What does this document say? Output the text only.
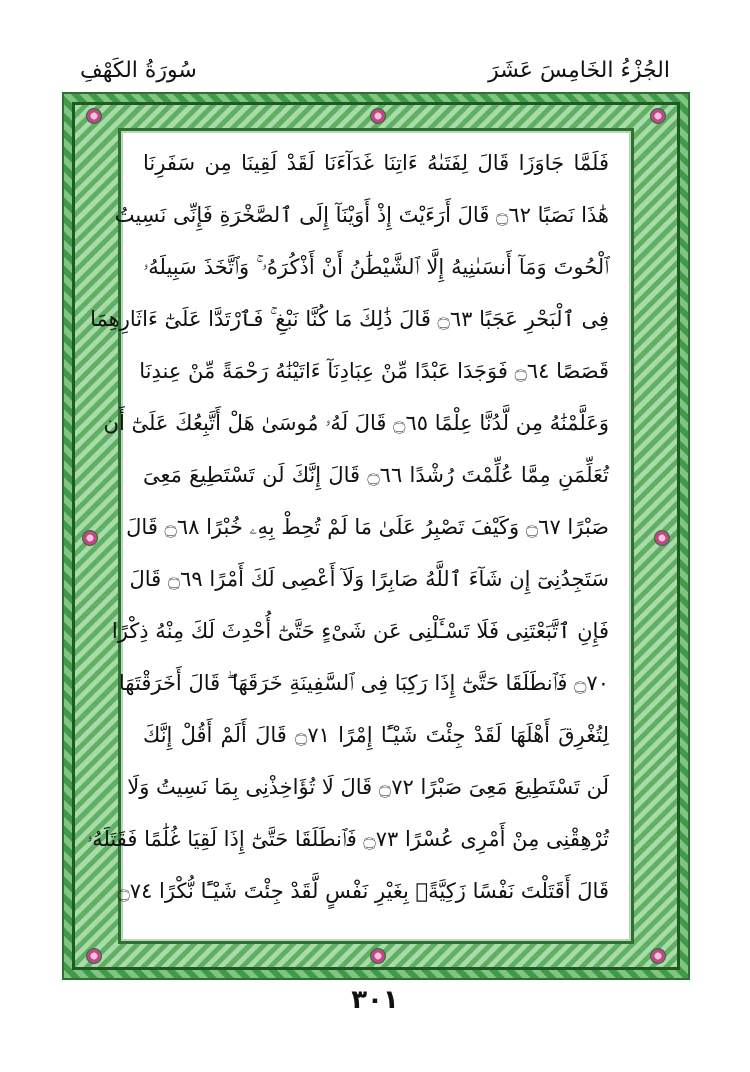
الجُزْءُ الخَامِسَ عَشَرَ
سُورَةُ الكَهْفِ
فَلَمَّا جَاوَزَا قَالَ لِفَتَىٰهُ ءَاتِنَا غَدَآءَنَا لَقَدْ لَقِينَا مِن سَفَرِنَا
هَٰذَا نَصَبًا ۝٦٢ قَالَ أَرَءَيْتَ إِذْ أَوَيْنَآ إِلَى ٱلصَّخْرَةِ فَإِنِّى نَسِيتُ
ٱلْحُوتَ وَمَآ أَنسَىٰنِيهُ إِلَّا ٱلشَّيْطَٰنُ أَنْ أَذْكُرَهُۥ ۚ وَٱتَّخَذَ سَبِيلَهُۥ
فِى ٱلْبَحْرِ عَجَبًا ۝٦٣ قَالَ ذَٰلِكَ مَا كُنَّا نَبْغِ ۚ فَٱرْتَدَّا عَلَىٰٓ ءَاثَارِهِمَا
قَصَصًا ۝٦٤ فَوَجَدَا عَبْدًا مِّنْ عِبَادِنَآ ءَاتَيْنَٰهُ رَحْمَةً مِّنْ عِندِنَا
وَعَلَّمْنَٰهُ مِن لَّدُنَّا عِلْمًا ۝٦٥ قَالَ لَهُۥ مُوسَىٰ هَلْ أَتَّبِعُكَ عَلَىٰٓ أَن
تُعَلِّمَنِ مِمَّا عُلِّمْتَ رُشْدًا ۝٦٦ قَالَ إِنَّكَ لَن تَسْتَطِيعَ مَعِىَ
صَبْرًا ۝٦٧ وَكَيْفَ تَصْبِرُ عَلَىٰ مَا لَمْ تُحِطْ بِهِۦ خُبْرًا ۝٦٨ قَالَ
سَتَجِدُنِىٓ إِن شَآءَ ٱللَّهُ صَابِرًا وَلَآ أَعْصِى لَكَ أَمْرًا ۝٦٩ قَالَ
فَإِنِ ٱتَّبَعْتَنِى فَلَا تَسْـَٔلْنِى عَن شَىْءٍ حَتَّىٰٓ أُحْدِثَ لَكَ مِنْهُ ذِكْرًا
۝٧٠ فَٱنطَلَقَا حَتَّىٰٓ إِذَا رَكِبَا فِى ٱلسَّفِينَةِ خَرَقَهَا ۖ قَالَ أَخَرَقْتَهَا
لِتُغْرِقَ أَهْلَهَا لَقَدْ جِئْتَ شَيْـًٔا إِمْرًا ۝٧١ قَالَ أَلَمْ أَقُلْ إِنَّكَ
لَن تَسْتَطِيعَ مَعِىَ صَبْرًا ۝٧٢ قَالَ لَا تُؤَاخِذْنِى بِمَا نَسِيتُ وَلَا
تُرْهِقْنِى مِنْ أَمْرِى عُسْرًا ۝٧٣ فَٱنطَلَقَا حَتَّىٰٓ إِذَا لَقِيَا غُلَٰمًا فَقَتَلَهُۥ
قَالَ أَقَتَلْتَ نَفْسًا زَكِيَّةًۢ بِغَيْرِ نَفْسٍ لَّقَدْ جِئْتَ شَيْـًٔا نُّكْرًا ۝٧٤
٣٠١
